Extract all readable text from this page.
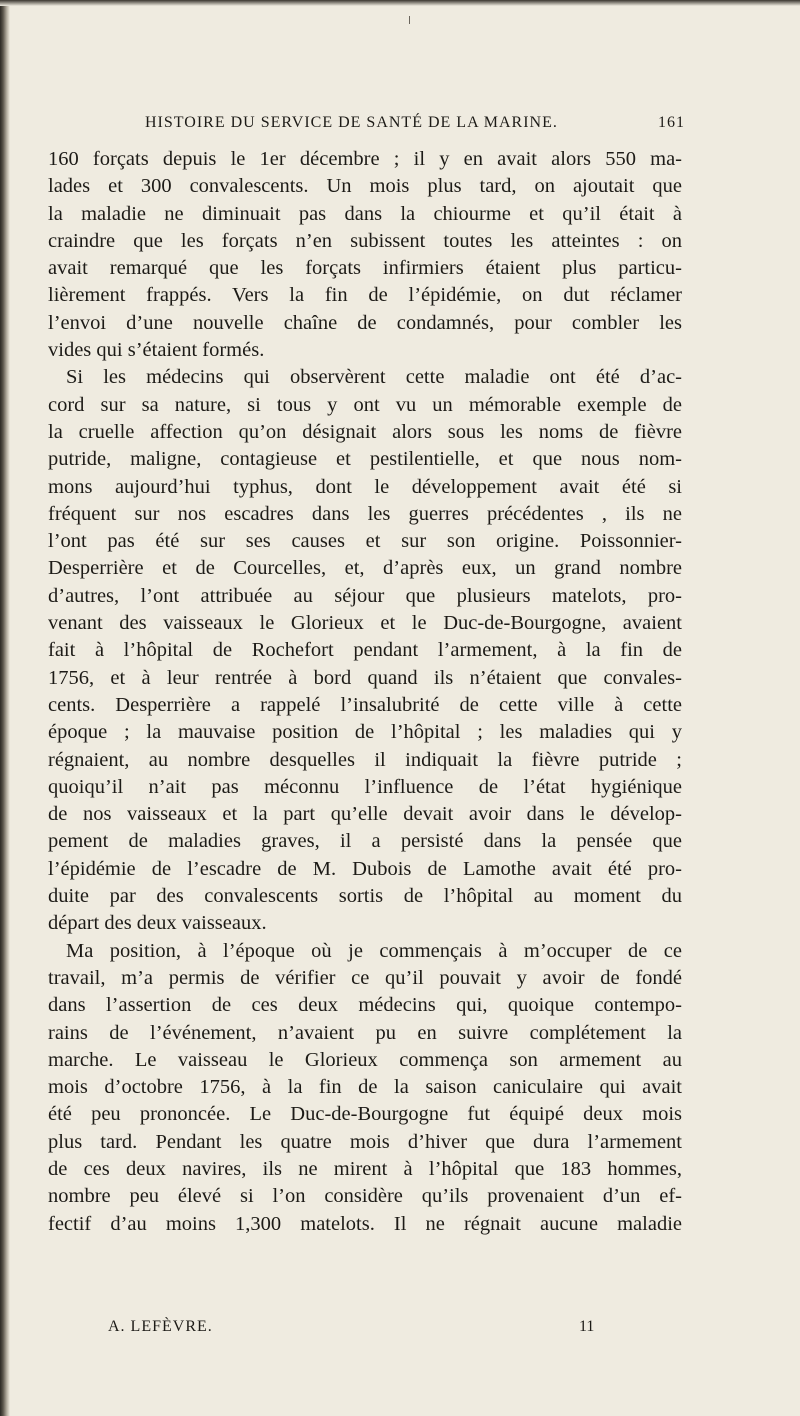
HISTOIRE DU SERVICE DE SANTÉ DE LA MARINE.	161
160 forçats depuis le 1er décembre ; il y en avait alors 550 ma-
lades et 300 convalescents. Un mois plus tard, on ajoutait que
la maladie ne diminuait pas dans la chiourme et qu’il était à
craindre que les forçats n’en subissent toutes les atteintes : on
avait remarqué que les forçats infirmiers étaient plus particu-
lièrement frappés. Vers la fin de l’épidémie, on dut réclamer
l’envoi d’une nouvelle chaîne de condamnés, pour combler les
vides qui s’étaient formés.
Si les médecins qui observèrent cette maladie ont été d’ac-
cord sur sa nature, si tous y ont vu un mémorable exemple de
la cruelle affection qu’on désignait alors sous les noms de fièvre
putride, maligne, contagieuse et pestilentielle, et que nous nom-
mons aujourd’hui typhus, dont le développement avait été si
fréquent sur nos escadres dans les guerres précédentes , ils ne
l’ont pas été sur ses causes et sur son origine. Poissonnier-
Desperrière et de Courcelles, et, d’après eux, un grand nombre
d’autres, l’ont attribuée au séjour que plusieurs matelots, pro-
venant des vaisseaux le Glorieux et le Duc-de-Bourgogne, avaient
fait à l’hôpital de Rochefort pendant l’armement, à la fin de
1756, et à leur rentrée à bord quand ils n’étaient que convales-
cents. Desperrière a rappelé l’insalubrité de cette ville à cette
époque ; la mauvaise position de l’hôpital ; les maladies qui y
régnaient, au nombre desquelles il indiquait la fièvre putride ;
quoiqu’il n’ait pas méconnu l’influence de l’état hygiénique
de nos vaisseaux et la part qu’elle devait avoir dans le dévelop-
pement de maladies graves, il a persisté dans la pensée que
l’épidémie de l’escadre de M. Dubois de Lamothe avait été pro-
duite par des convalescents sortis de l’hôpital au moment du
départ des deux vaisseaux.
Ma position, à l’époque où je commençais à m’occuper de ce
travail, m’a permis de vérifier ce qu’il pouvait y avoir de fondé
dans l’assertion de ces deux médecins qui, quoique contempo-
rains de l’événement, n’avaient pu en suivre complétement la
marche. Le vaisseau le Glorieux commença son armement au
mois d’octobre 1756, à la fin de la saison caniculaire qui avait
été peu prononcée. Le Duc-de-Bourgogne fut équipé deux mois
plus tard. Pendant les quatre mois d’hiver que dura l’armement
de ces deux navires, ils ne mirent à l’hôpital que 183 hommes,
nombre peu élevé si l’on considère qu’ils provenaient d’un ef-
fectif d’au moins 1,300 matelots. Il ne régnait aucune maladie
A. LEFÈVRE.	11
